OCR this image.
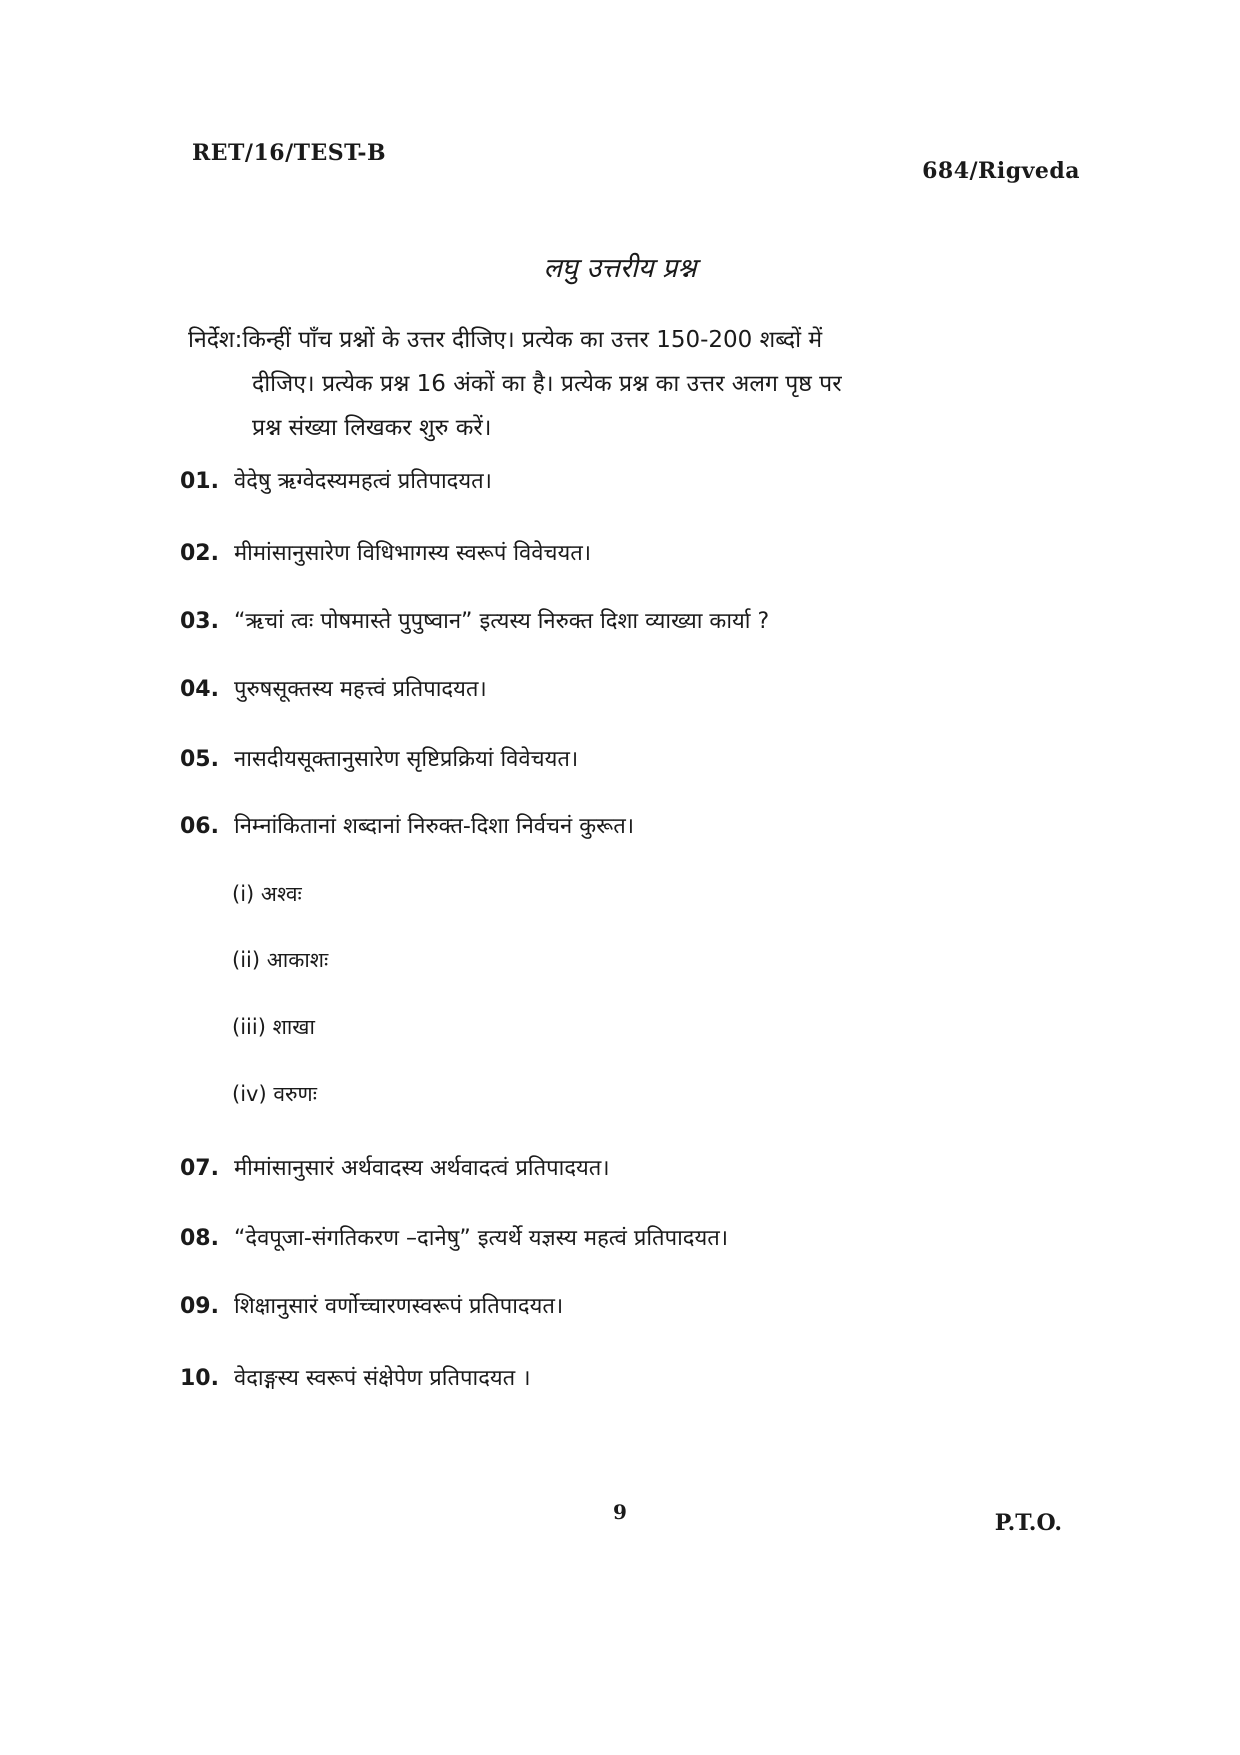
RET/16/TEST-B
684/Rigveda
लघु उत्तरीय प्रश्न
निर्देश:किन्हीं पाँच प्रश्नों के उत्तर दीजिए। प्रत्येक का उत्तर 150-200 शब्दों में
दीजिए। प्रत्येक प्रश्न 16 अंकों का है। प्रत्येक प्रश्न का उत्तर अलग पृष्ठ पर
प्रश्न संख्या लिखकर शुरु करें।
01. वेदेषु ऋग्वेदस्यमहत्वं प्रतिपादयत।
02. मीमांसानुसारेण विधिभागस्य स्वरूपं विवेचयत।
03. “ऋचां त्वः पोषमास्ते पुपुष्वान” इत्यस्य निरुक्त दिशा व्याख्या कार्या ?
04. पुरुषसूक्तस्य महत्त्वं प्रतिपादयत।
05. नासदीयसूक्तानुसारेण सृष्टिप्रक्रियां विवेचयत।
06. निम्नांकितानां शब्दानां निरुक्त-दिशा निर्वचनं कुरूत।
(i) अश्वः
(ii) आकाशः
(iii) शाखा
(iv) वरुणः
07. मीमांसानुसारं अर्थवादस्य अर्थवादत्वं प्रतिपादयत।
08. “देवपूजा-संगतिकरण –दानेषु” इत्यर्थे यज्ञस्य महत्वं प्रतिपादयत।
09. शिक्षानुसारं वर्णोच्चारणस्वरूपं प्रतिपादयत।
10. वेदाङ्गस्य स्वरूपं संक्षेपेण प्रतिपादयत ।
9	P.T.O.
